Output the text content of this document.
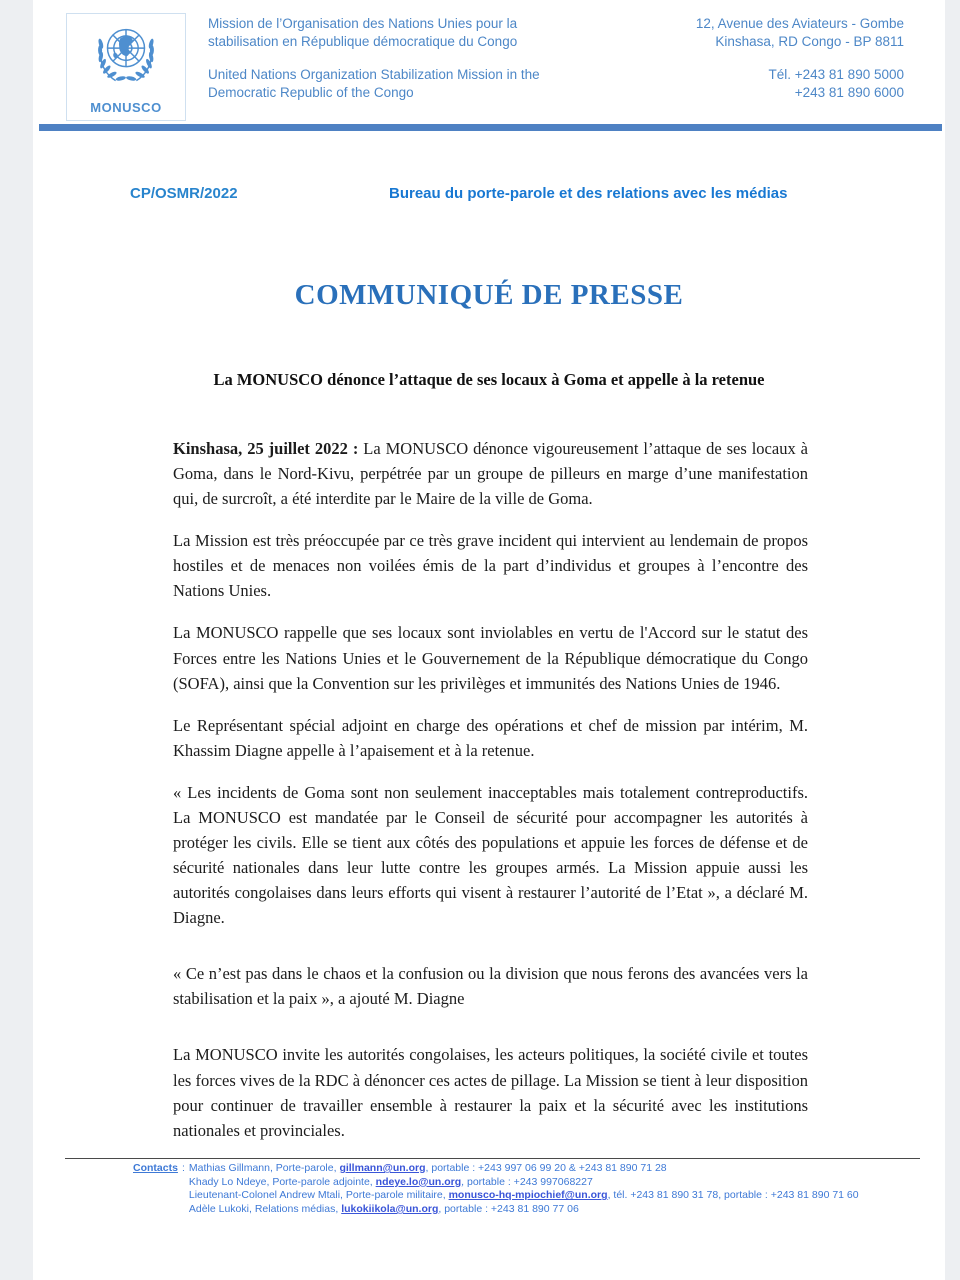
MONUSCO
Mission de l’Organisation des Nations Unies pour la stabilisation en République démocratique du Congo
United Nations Organization Stabilization Mission in the Democratic Republic of the Congo
12, Avenue des Aviateurs - Gombe
Kinshasa, RD Congo - BP 8811
Tél. +243 81 890 5000
+243 81 890 6000
CP/OSMR/2022	Bureau du porte-parole et des relations avec les médias
COMMUNIQUÉ DE PRESSE
La MONUSCO dénonce l’attaque de ses locaux à Goma et appelle à la retenue

Kinshasa, 25 juillet 2022 : La MONUSCO dénonce vigoureusement l’attaque de ses locaux à Goma, dans le Nord-Kivu, perpétrée par un groupe de pilleurs en marge d’une manifestation qui, de surcroît, a été interdite par le Maire de la ville de Goma.

La Mission est très préoccupée par ce très grave incident qui intervient au lendemain de propos hostiles et de menaces non voilées émis de la part d’individus et groupes à l’encontre des Nations Unies.

La MONUSCO rappelle que ses locaux sont inviolables en vertu de l'Accord sur le statut des Forces entre les Nations Unies et le Gouvernement de la République démocratique du Congo (SOFA), ainsi que la Convention sur les privilèges et immunités des Nations Unies de 1946.

Le Représentant spécial adjoint en charge des opérations et chef de mission par intérim, M. Khassim Diagne appelle à l’apaisement et à la retenue.

« Les incidents de Goma sont non seulement inacceptables mais totalement contreproductifs. La MONUSCO est mandatée par le Conseil de sécurité pour accompagner les autorités à protéger les civils. Elle se tient aux côtés des populations et appuie les forces de défense et de sécurité nationales dans leur lutte contre les groupes armés. La Mission appuie aussi les autorités congolaises dans leurs efforts qui visent à restaurer l’autorité de l’Etat », a déclaré M. Diagne.

« Ce n’est pas dans le chaos et la confusion ou la division que nous ferons des avancées vers la stabilisation et la paix », a ajouté M. Diagne

La MONUSCO invite les autorités congolaises, les acteurs politiques, la société civile et toutes les forces vives de la RDC à dénoncer ces actes de pillage. La Mission se tient à leur disposition pour continuer de travailler ensemble à restaurer la paix et la sécurité avec les institutions nationales et provinciales.

Contacts : Mathias Gillmann, Porte-parole, gillmann@un.org, portable : +243 997 06 99 20 & +243 81 890 71 28
Khady Lo Ndeye, Porte-parole adjointe, ndeye.lo@un.org, portable : +243 997068227
Lieutenant-Colonel Andrew Mtali, Porte-parole militaire, monusco-hq-mpiochief@un.org, tél. +243 81 890 31 78, portable : +243 81 890 71 60
Adèle Lukoki, Relations médias, lukokiikola@un.org, portable : +243 81 890 77 06
